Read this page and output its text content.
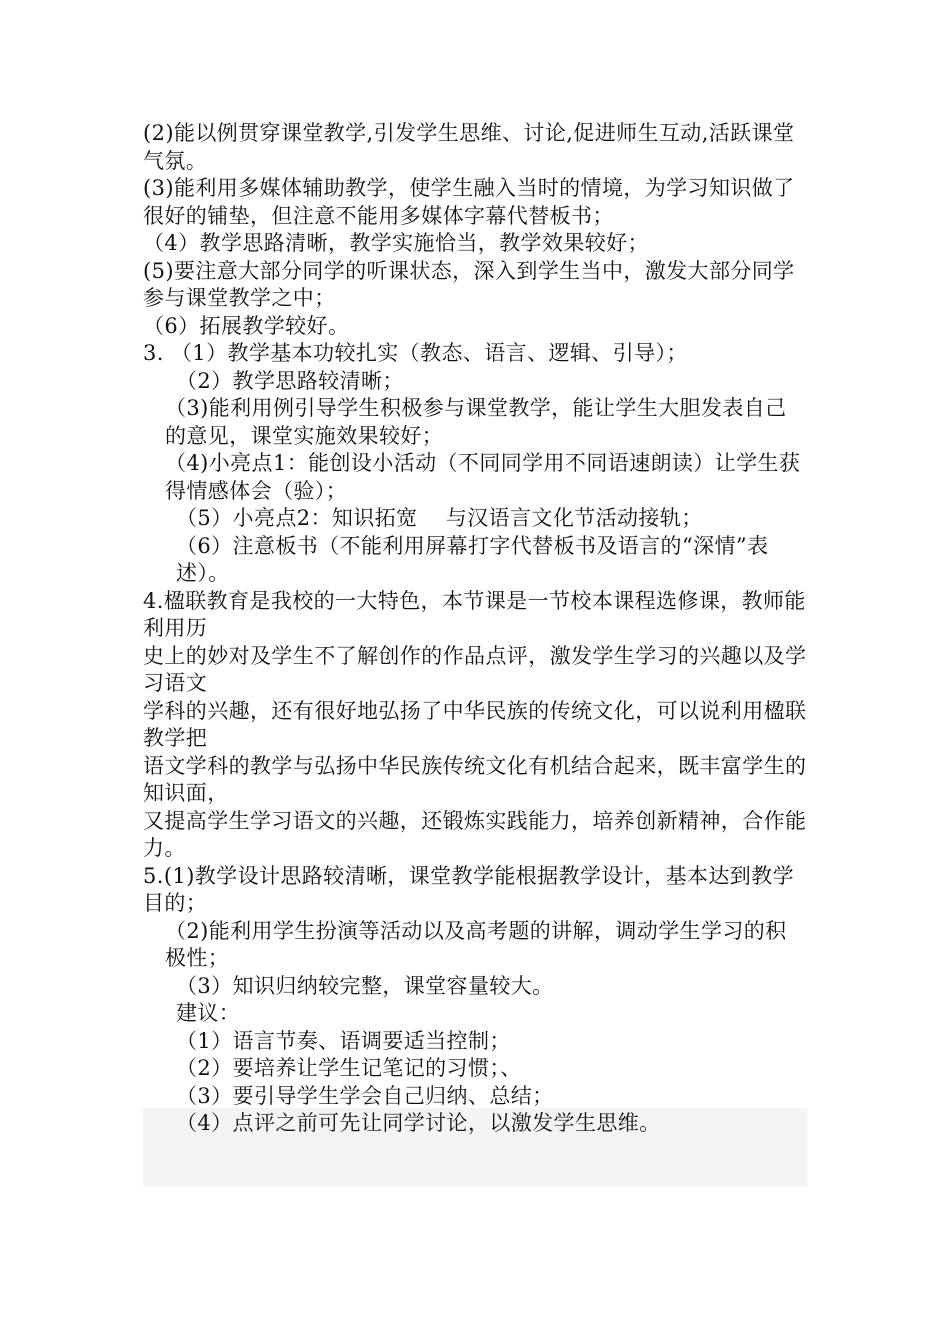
(2)能以例贯穿课堂教学,引发学生思维、讨论,促进师生互动,活跃课堂气氛。

(3)能利用多媒体辅助教学，使学生融入当时的情境，为学习知识做了很好的铺垫，但注意不能用多媒体字幕代替板书；

（4）教学思路清晰，教学实施恰当，教学效果较好；

(5)要注意大部分同学的听课状态，深入到学生当中，激发大部分同学参与课堂教学之中；

（6）拓展教学较好。

3. （1）教学基本功较扎实（教态、语言、逻辑、引导）；

（2）教学思路较清晰；

（3)能利用例引导学生积极参与课堂教学，能让学生大胆发表自己的意见，课堂实施效果较好；

（4)小亮点1：能创设小活动（不同同学用不同语速朗读）让学生获得情感体会（验）；

（5）小亮点2：知识拓宽    与汉语言文化节活动接轨；

（6）注意板书（不能利用屏幕打字代替板书及语言的“深情”表述）。

4.楹联教育是我校的一大特色，本节课是一节校本课程选修课，教师能利用历

史上的妙对及学生不了解创作的作品点评，激发学生学习的兴趣以及学习语文

学科的兴趣，还有很好地弘扬了中华民族的传统文化，可以说利用楹联教学把

语文学科的教学与弘扬中华民族传统文化有机结合起来，既丰富学生的知识面，

又提高学生学习语文的兴趣，还锻炼实践能力，培养创新精神，合作能力。

5.(1)教学设计思路较清晰，课堂教学能根据教学设计，基本达到教学目的；

（2)能利用学生扮演等活动以及高考题的讲解，调动学生学习的积极性；

（3）知识归纳较完整，课堂容量较大。

建议：

（1）语言节奏、语调要适当控制；

（2）要培养让学生记笔记的习惯；、

（3）要引导学生学会自己归纳、总结；

（4）点评之前可先让同学讨论，以激发学生思维。
